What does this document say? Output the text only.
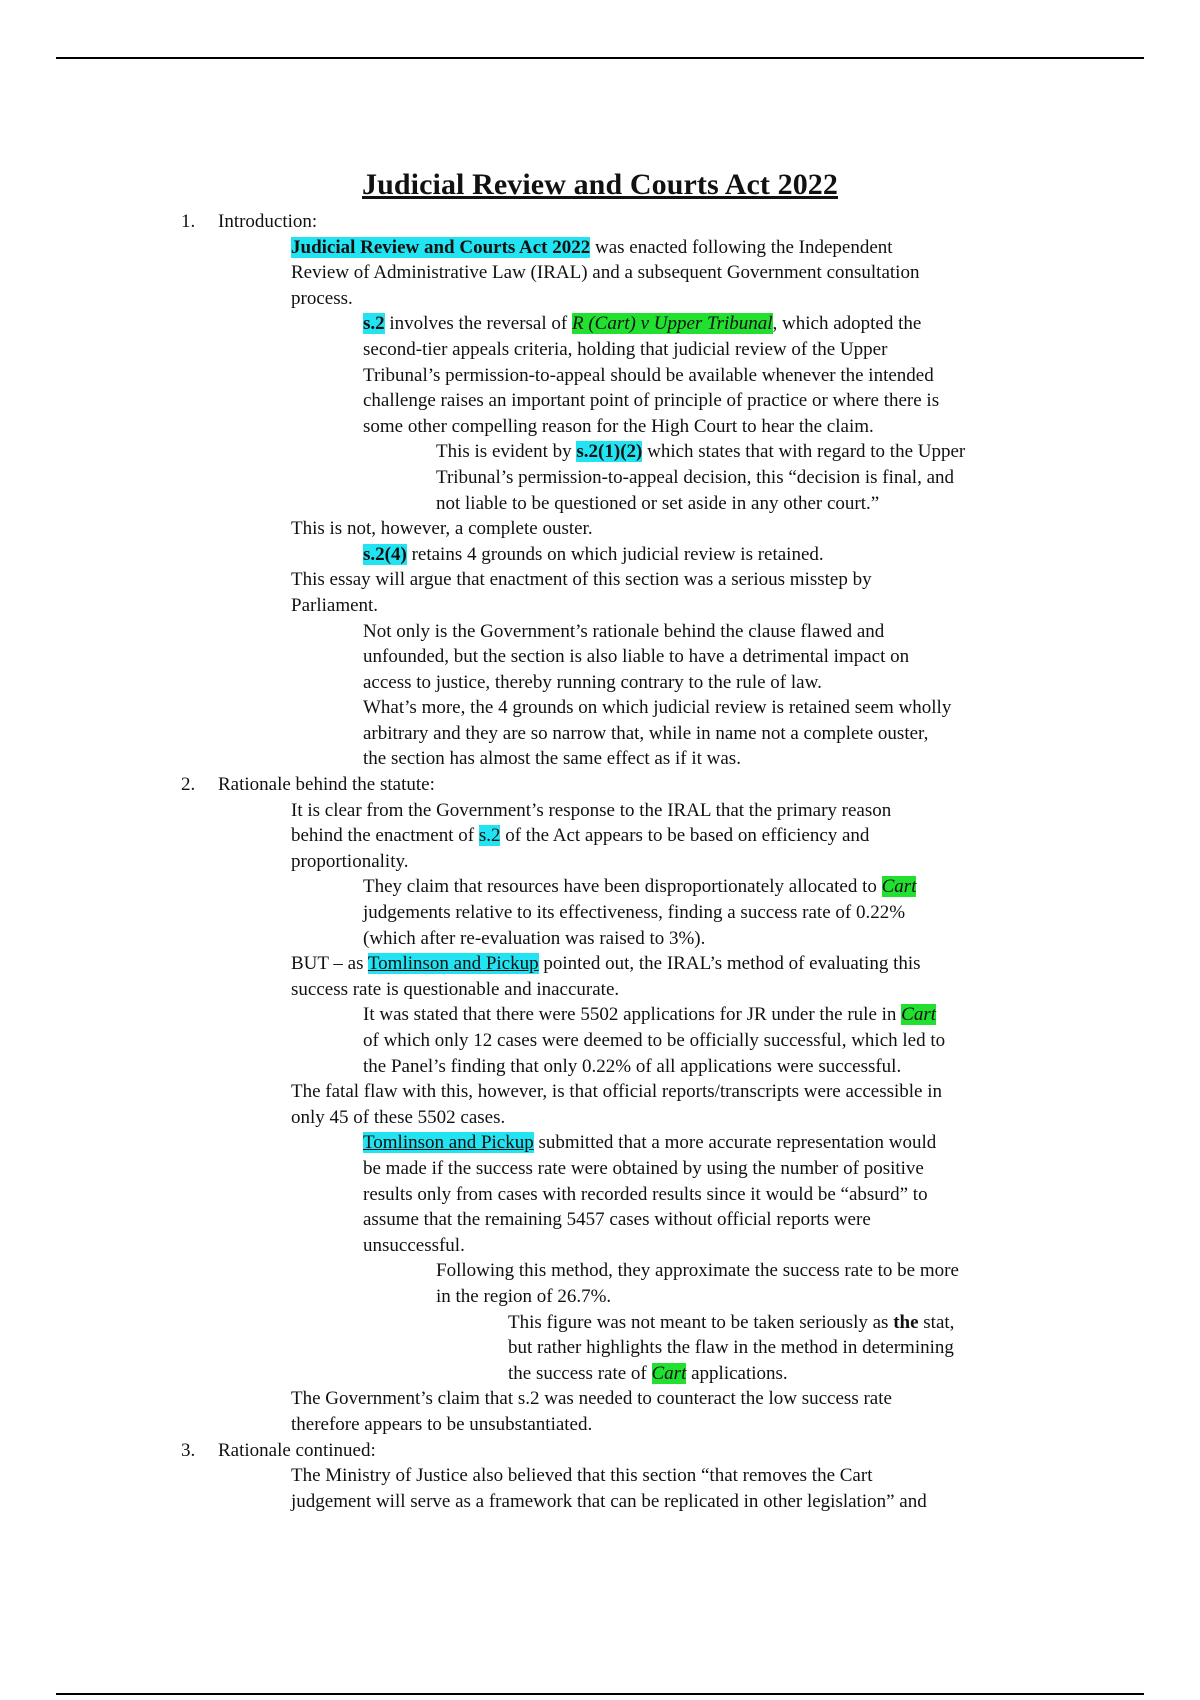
Judicial Review and Courts Act 2022
1. Introduction:
Judicial Review and Courts Act 2022 was enacted following the Independent
Review of Administrative Law (IRAL) and a subsequent Government consultation
process.
s.2 involves the reversal of R (Cart) v Upper Tribunal, which adopted the
second-tier appeals criteria, holding that judicial review of the Upper
Tribunal’s permission-to-appeal should be available whenever the intended
challenge raises an important point of principle of practice or where there is
some other compelling reason for the High Court to hear the claim.
This is evident by s.2(1)(2) which states that with regard to the Upper
Tribunal’s permission-to-appeal decision, this “decision is final, and
not liable to be questioned or set aside in any other court.”
This is not, however, a complete ouster.
s.2(4) retains 4 grounds on which judicial review is retained.
This essay will argue that enactment of this section was a serious misstep by
Parliament.
Not only is the Government’s rationale behind the clause flawed and
unfounded, but the section is also liable to have a detrimental impact on
access to justice, thereby running contrary to the rule of law.
What’s more, the 4 grounds on which judicial review is retained seem wholly
arbitrary and they are so narrow that, while in name not a complete ouster,
the section has almost the same effect as if it was.
2. Rationale behind the statute:
It is clear from the Government’s response to the IRAL that the primary reason
behind the enactment of s.2 of the Act appears to be based on efficiency and
proportionality.
They claim that resources have been disproportionately allocated to Cart
judgements relative to its effectiveness, finding a success rate of 0.22%
(which after re-evaluation was raised to 3%).
BUT – as Tomlinson and Pickup pointed out, the IRAL’s method of evaluating this
success rate is questionable and inaccurate.
It was stated that there were 5502 applications for JR under the rule in Cart
of which only 12 cases were deemed to be officially successful, which led to
the Panel’s finding that only 0.22% of all applications were successful.
The fatal flaw with this, however, is that official reports/transcripts were accessible in
only 45 of these 5502 cases.
Tomlinson and Pickup submitted that a more accurate representation would
be made if the success rate were obtained by using the number of positive
results only from cases with recorded results since it would be “absurd” to
assume that the remaining 5457 cases without official reports were
unsuccessful.
Following this method, they approximate the success rate to be more
in the region of 26.7%.
This figure was not meant to be taken seriously as the stat,
but rather highlights the flaw in the method in determining
the success rate of Cart applications.
The Government’s claim that s.2 was needed to counteract the low success rate
therefore appears to be unsubstantiated.
3. Rationale continued:
The Ministry of Justice also believed that this section “that removes the Cart
judgement will serve as a framework that can be replicated in other legislation” and
